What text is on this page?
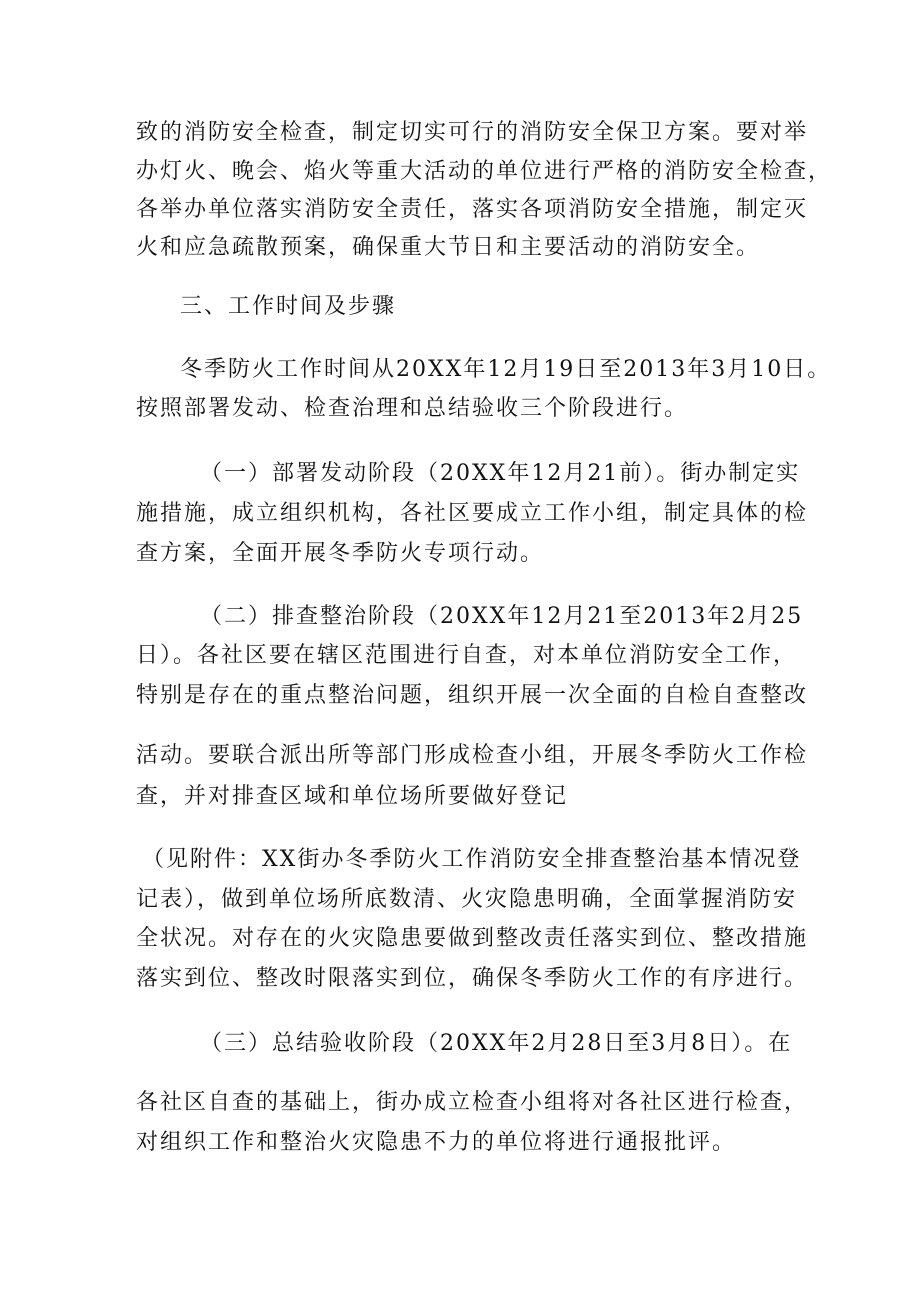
致的消防安全检查，制定切实可行的消防安全保卫方案。要对举
办灯火、晚会、焰火等重大活动的单位进行严格的消防安全检查，
各举办单位落实消防安全责任，落实各项消防安全措施，制定灭
火和应急疏散预案，确保重大节日和主要活动的消防安全。
三、工作时间及步骤
冬季防火工作时间从20XX年12月19日至2013年3月10日。
按照部署发动、检查治理和总结验收三个阶段进行。
（一）部署发动阶段（20XX年12月21前）。街办制定实
施措施，成立组织机构，各社区要成立工作小组，制定具体的检
查方案，全面开展冬季防火专项行动。
（二）排查整治阶段（20XX年12月21至2013年2月25
日）。各社区要在辖区范围进行自查，对本单位消防安全工作，
特别是存在的重点整治问题，组织开展一次全面的自检自查整改
活动。要联合派出所等部门形成检查小组，开展冬季防火工作检
查，并对排查区域和单位场所要做好登记
（见附件：XX街办冬季防火工作消防安全排查整治基本情况登
记表），做到单位场所底数清、火灾隐患明确，全面掌握消防安
全状况。对存在的火灾隐患要做到整改责任落实到位、整改措施
落实到位、整改时限落实到位，确保冬季防火工作的有序进行。
（三）总结验收阶段（20XX年2月28日至3月8日）。在
各社区自查的基础上，街办成立检查小组将对各社区进行检查，
对组织工作和整治火灾隐患不力的单位将进行通报批评。
